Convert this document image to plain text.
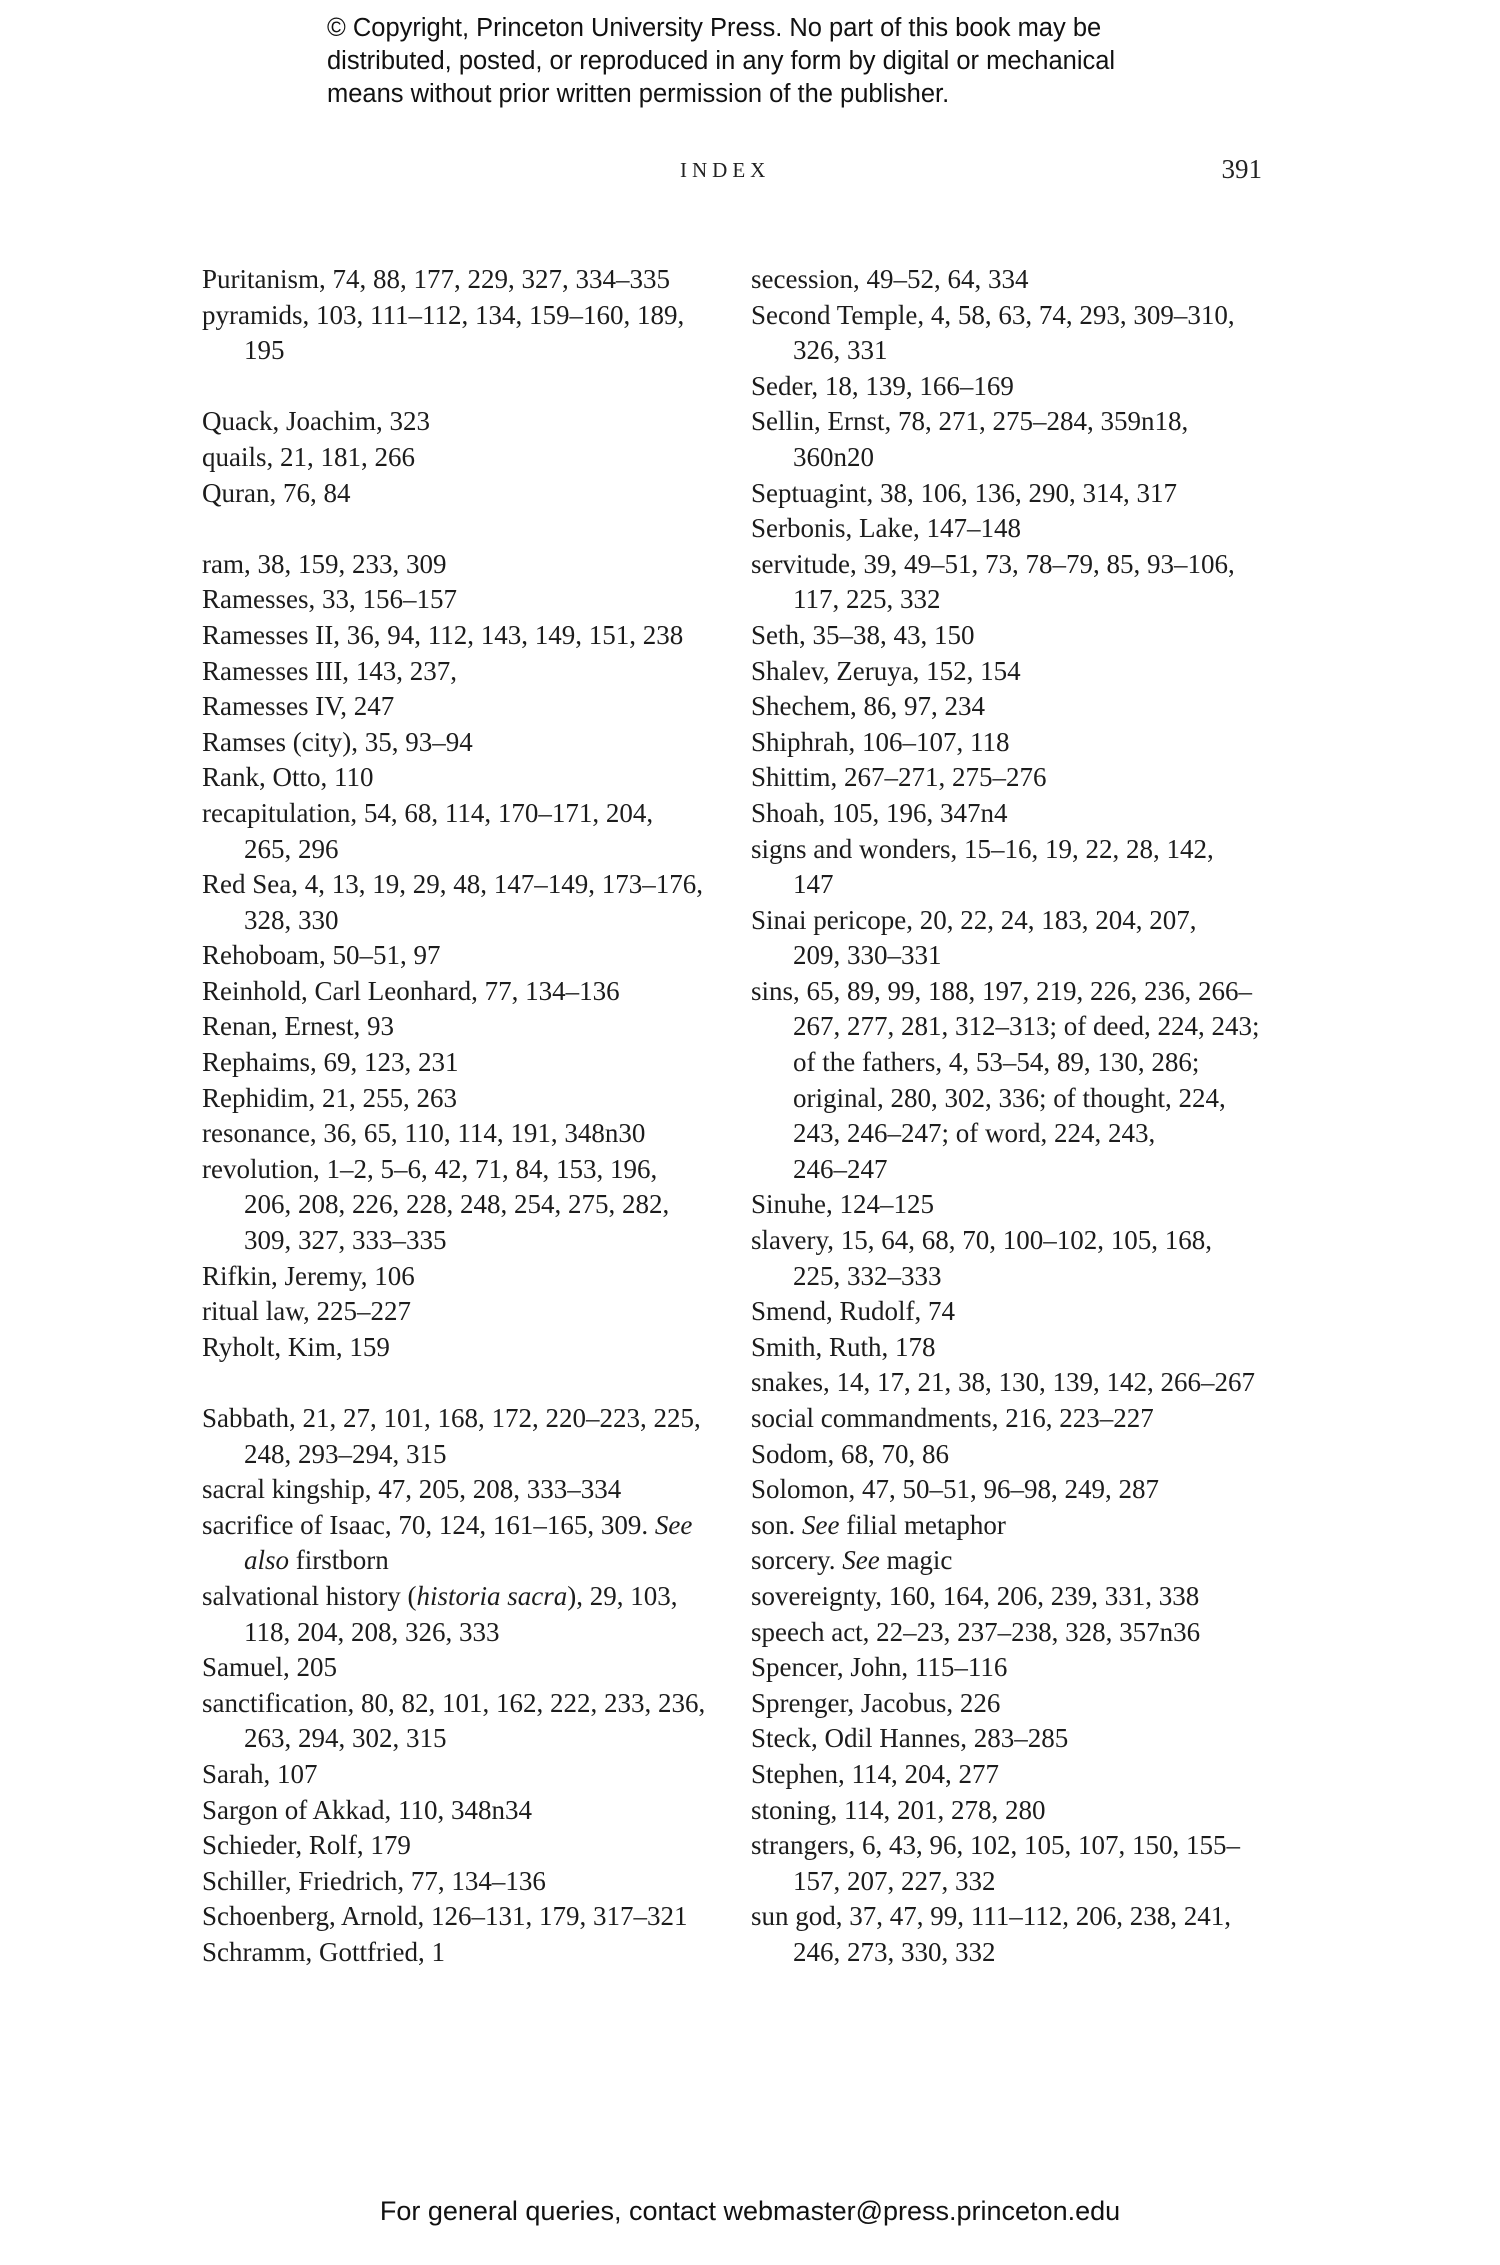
© Copyright, Princeton University Press. No part of this book may be
distributed, posted, or reproduced in any form by digital or mechanical
means without prior written permission of the publisher.
INDEX	391
Puritanism, 74, 88, 177, 229, 327, 334–335
pyramids, 103, 111–112, 134, 159–160, 189,
195
Quack, Joachim, 323
quails, 21, 181, 266
Quran, 76, 84
ram, 38, 159, 233, 309
Ramesses, 33, 156–157
Ramesses II, 36, 94, 112, 143, 149, 151, 238
Ramesses III, 143, 237,
Ramesses IV, 247
Ramses (city), 35, 93–94
Rank, Otto, 110
recapitulation, 54, 68, 114, 170–171, 204,
265, 296
Red Sea, 4, 13, 19, 29, 48, 147–149, 173–176,
328, 330
Rehoboam, 50–51, 97
Reinhold, Carl Leonhard, 77, 134–136
Renan, Ernest, 93
Rephaims, 69, 123, 231
Rephidim, 21, 255, 263
resonance, 36, 65, 110, 114, 191, 348n30
revolution, 1–2, 5–6, 42, 71, 84, 153, 196,
206, 208, 226, 228, 248, 254, 275, 282,
309, 327, 333–335
Rifkin, Jeremy, 106
ritual law, 225–227
Ryholt, Kim, 159
Sabbath, 21, 27, 101, 168, 172, 220–223, 225,
248, 293–294, 315
sacral kingship, 47, 205, 208, 333–334
sacrifice of Isaac, 70, 124, 161–165, 309. See
also firstborn
salvational history (historia sacra), 29, 103,
118, 204, 208, 326, 333
Samuel, 205
sanctification, 80, 82, 101, 162, 222, 233, 236,
263, 294, 302, 315
Sarah, 107
Sargon of Akkad, 110, 348n34
Schieder, Rolf, 179
Schiller, Friedrich, 77, 134–136
Schoenberg, Arnold, 126–131, 179, 317–321
Schramm, Gottfried, 1
secession, 49–52, 64, 334
Second Temple, 4, 58, 63, 74, 293, 309–310,
326, 331
Seder, 18, 139, 166–169
Sellin, Ernst, 78, 271, 275–284, 359n18,
360n20
Septuagint, 38, 106, 136, 290, 314, 317
Serbonis, Lake, 147–148
servitude, 39, 49–51, 73, 78–79, 85, 93–106,
117, 225, 332
Seth, 35–38, 43, 150
Shalev, Zeruya, 152, 154
Shechem, 86, 97, 234
Shiphrah, 106–107, 118
Shittim, 267–271, 275–276
Shoah, 105, 196, 347n4
signs and wonders, 15–16, 19, 22, 28, 142,
147
Sinai pericope, 20, 22, 24, 183, 204, 207,
209, 330–331
sins, 65, 89, 99, 188, 197, 219, 226, 236, 266–
267, 277, 281, 312–313; of deed, 224, 243;
of the fathers, 4, 53–54, 89, 130, 286;
original, 280, 302, 336; of thought, 224,
243, 246–247; of word, 224, 243,
246–247
Sinuhe, 124–125
slavery, 15, 64, 68, 70, 100–102, 105, 168,
225, 332–333
Smend, Rudolf, 74
Smith, Ruth, 178
snakes, 14, 17, 21, 38, 130, 139, 142, 266–267
social commandments, 216, 223–227
Sodom, 68, 70, 86
Solomon, 47, 50–51, 96–98, 249, 287
son. See filial metaphor
sorcery. See magic
sovereignty, 160, 164, 206, 239, 331, 338
speech act, 22–23, 237–238, 328, 357n36
Spencer, John, 115–116
Sprenger, Jacobus, 226
Steck, Odil Hannes, 283–285
Stephen, 114, 204, 277
stoning, 114, 201, 278, 280
strangers, 6, 43, 96, 102, 105, 107, 150, 155–
157, 207, 227, 332
sun god, 37, 47, 99, 111–112, 206, 238, 241,
246, 273, 330, 332
For general queries, contact webmaster@press.princeton.edu
